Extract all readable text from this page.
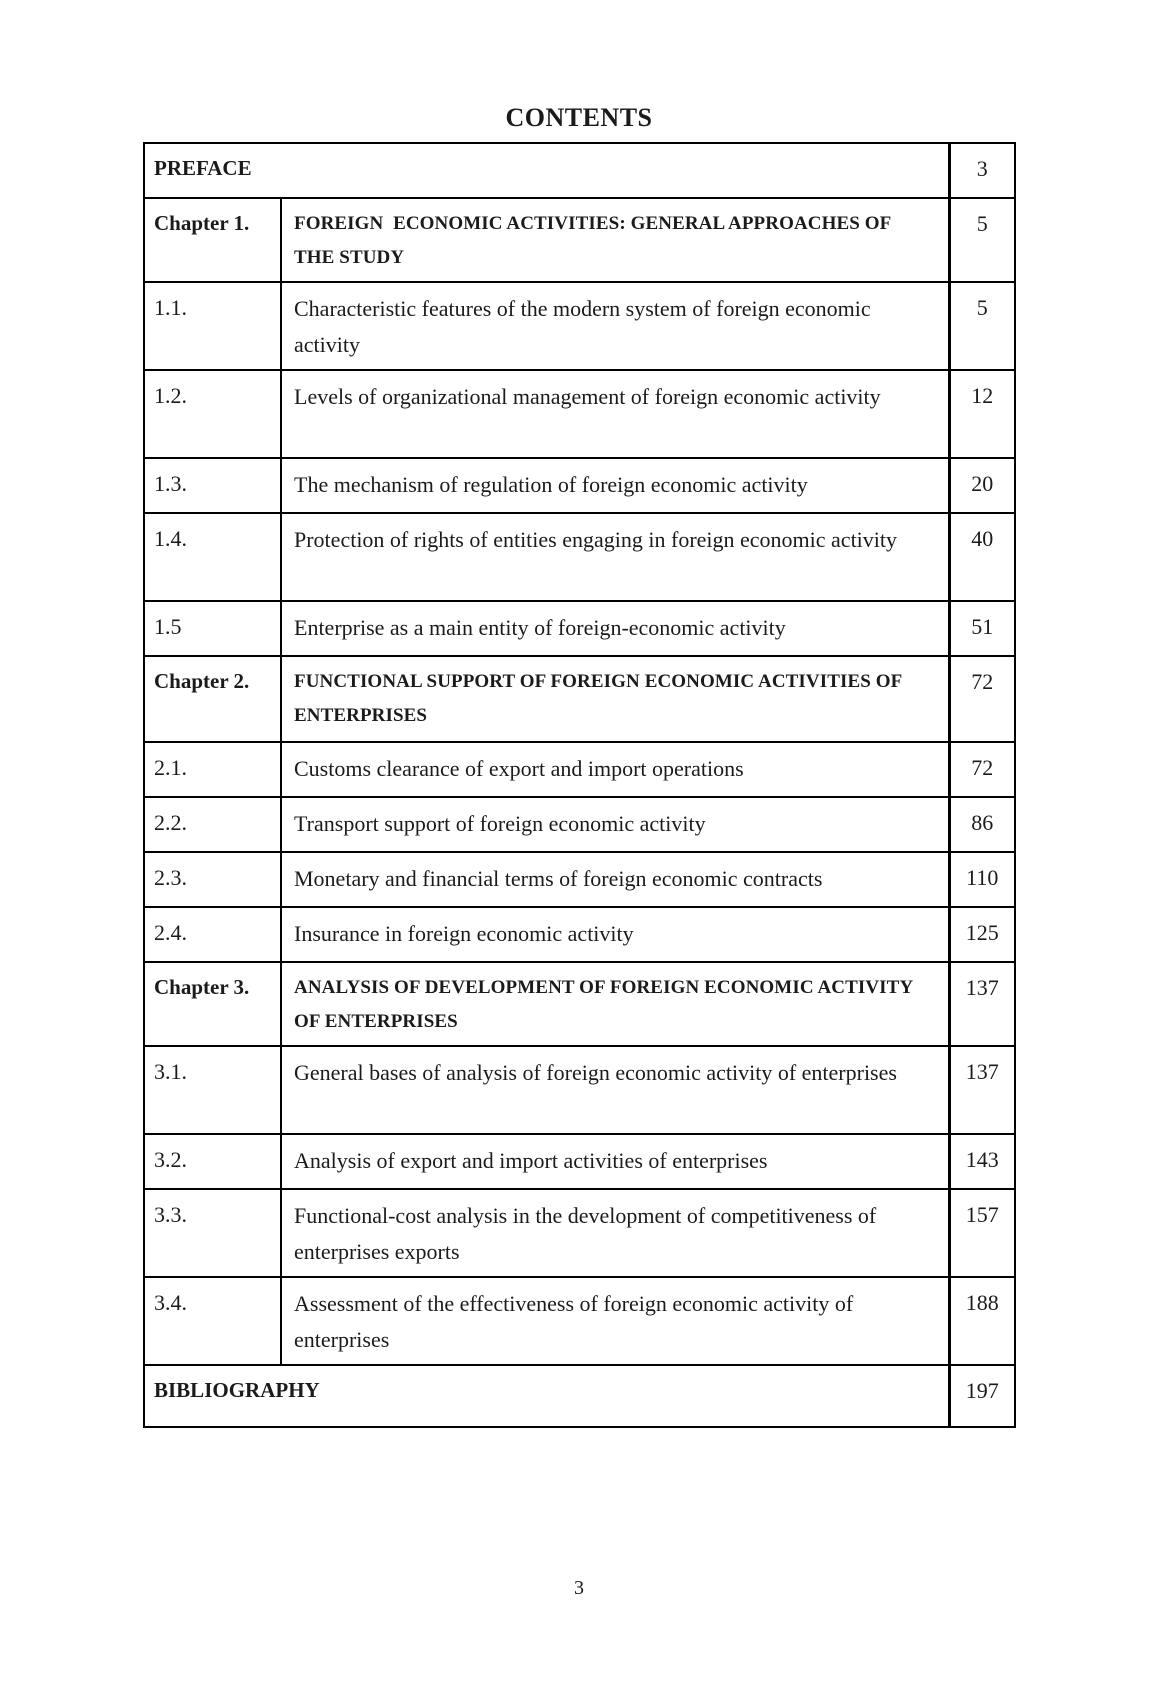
CONTENTS
PREFACE		3
Chapter 1.	FOREIGN  ECONOMIC ACTIVITIES: GENERAL APPROACHES OF THE STUDY	5
1.1.	Characteristic features of the modern system of foreign economic activity	5
1.2.	Levels of organizational management of foreign economic activity	12
1.3.	The mechanism of regulation of foreign economic activity	20
1.4.	Protection of rights of entities engaging in foreign economic activity	40
1.5	Enterprise as a main entity of foreign-economic activity	51
Chapter 2.	FUNCTIONAL SUPPORT OF FOREIGN ECONOMIC ACTIVITIES OF ENTERPRISES	72
2.1.	Customs clearance of export and import operations	72
2.2.	Transport support of foreign economic activity	86
2.3.	Monetary and financial terms of foreign economic contracts	110
2.4.	Insurance in foreign economic activity	125
Chapter 3.	ANALYSIS OF DEVELOPMENT OF FOREIGN ECONOMIC ACTIVITY OF ENTERPRISES	137
3.1.	General bases of analysis of foreign economic activity of enterprises	137
3.2.	Analysis of export and import activities of enterprises	143
3.3.	Functional-cost analysis in the development of competitiveness of enterprises exports	157
3.4.	Assessment of the effectiveness of foreign economic activity of enterprises	188
BIBLIOGRAPHY		197
3
